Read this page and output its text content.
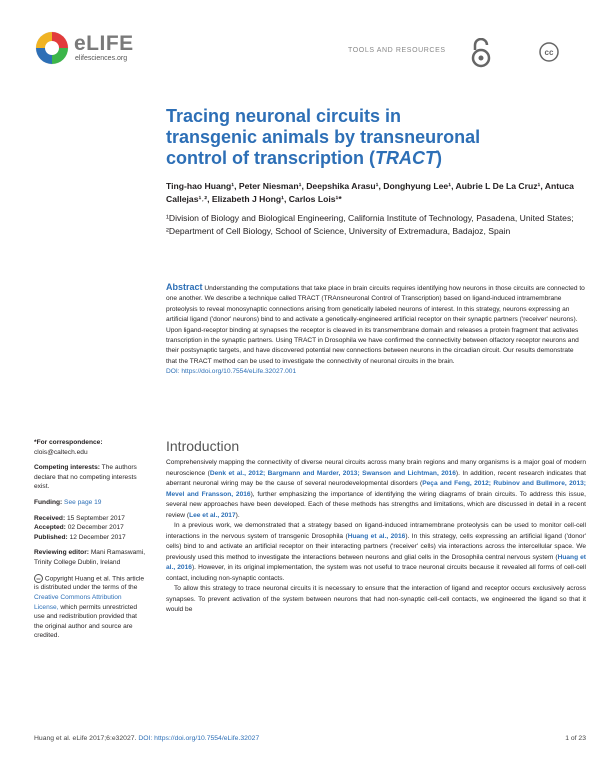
eLIFE
elifesciences.org
TOOLS AND RESOURCES	cc
Tracing neuronal circuits in transgenic animals by transneuronal control of transcription (TRACT)
Ting-hao Huang¹, Peter Niesman¹, Deepshika Arasu¹, Donghyung Lee¹, Aubrie L De La Cruz¹, Antuca Callejas¹˒², Elizabeth J Hong¹, Carlos Lois¹*
¹Division of Biology and Biological Engineering, California Institute of Technology, Pasadena, United States; ²Department of Cell Biology, School of Science, University of Extremadura, Badajoz, Spain
Abstract Understanding the computations that take place in brain circuits requires identifying how neurons in those circuits are connected to one another. We describe a technique called TRACT (TRAnsneuronal Control of Transcription) based on ligand-induced intramembrane proteolysis to reveal monosynaptic connections arising from genetically labeled neurons of interest. In this strategy, neurons expressing an artificial ligand ('donor' neurons) bind to and activate a genetically-engineered artificial receptor on their synaptic partners ('receiver' neurons). Upon ligand-receptor binding at synapses the receptor is cleaved in its transmembrane domain and releases a protein fragment that activates transcription in the synaptic partners. Using TRACT in Drosophila we have confirmed the connectivity between olfactory receptor neurons and their postsynaptic targets, and have discovered potential new connections between neurons in the circadian circuit. Our results demonstrate that the TRACT method can be used to investigate the connectivity of neuronal circuits in the brain.
DOI: https://doi.org/10.7554/eLife.32027.001
*For correspondence:
clois@caltech.edu
Competing interests: The authors declare that no competing interests exist.
Funding: See page 19
Received: 15 September 2017
Accepted: 02 December 2017
Published: 12 December 2017
Reviewing editor: Mani Ramaswami, Trinity College Dublin, Ireland
cc Copyright Huang et al. This article is distributed under the terms of the Creative Commons Attribution License, which permits unrestricted use and redistribution provided that the original author and source are credited.
Introduction

Comprehensively mapping the connectivity of diverse neural circuits across many brain regions and many organisms is a major goal of modern neuroscience (Denk et al., 2012; Bargmann and Marder, 2013; Swanson and Lichtman, 2016). In addition, recent research indicates that aberrant neuronal wiring may be the cause of several neurodevelopmental disorders (Peça and Feng, 2012; Rubinov and Bullmore, 2013; Mevel and Fransson, 2016), further emphasizing the importance of identifying the wiring diagrams of brain circuits. To address this issue, several new approaches have been developed. Each of these methods has strengths and limitations, which are discussed in detail in a recent review (Lee et al., 2017).

In a previous work, we demonstrated that a strategy based on ligand-induced intramembrane proteolysis can be used to monitor cell-cell interactions in the nervous system of transgenic Drosophila (Huang et al., 2016). In this strategy, cells expressing an artificial ligand ('donor' cells) bind to and activate an artificial receptor on their interacting partners ('receiver' cells) via interactions across the intercellular space. We previously used this method to investigate the interactions between neurons and glial cells in the Drosophila central nervous system (Huang et al., 2016). However, in its original implementation, the system was not useful to trace neuronal circuits because it revealed all forms of cell-cell contact, including non-synaptic contacts.

To allow this strategy to trace neuronal circuits it is necessary to ensure that the interaction of ligand and receptor occurs exclusively across synapses. To prevent activation of the system between neurons that had non-synaptic cell-cell contacts, we engineered the ligand so that it would be

Huang et al. eLife 2017;6:e32027. DOI: https://doi.org/10.7554/eLife.32027	1 of 23
